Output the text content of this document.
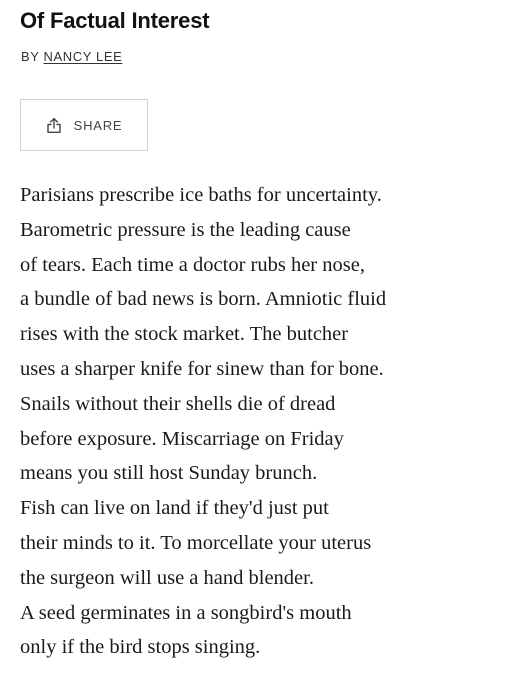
Of Factual Interest
BY NANCY LEE
SHARE
Parisians prescribe ice baths for uncertainty.
Barometric pressure is the leading cause
of tears. Each time a doctor rubs her nose,
a bundle of bad news is born. Amniotic fluid
rises with the stock market. The butcher
uses a sharper knife for sinew than for bone.
Snails without their shells die of dread
before exposure. Miscarriage on Friday
means you still host Sunday brunch.
Fish can live on land if they'd just put
their minds to it. To morcellate your uterus
the surgeon will use a hand blender.
A seed germinates in a songbird's mouth
only if the bird stops singing.
